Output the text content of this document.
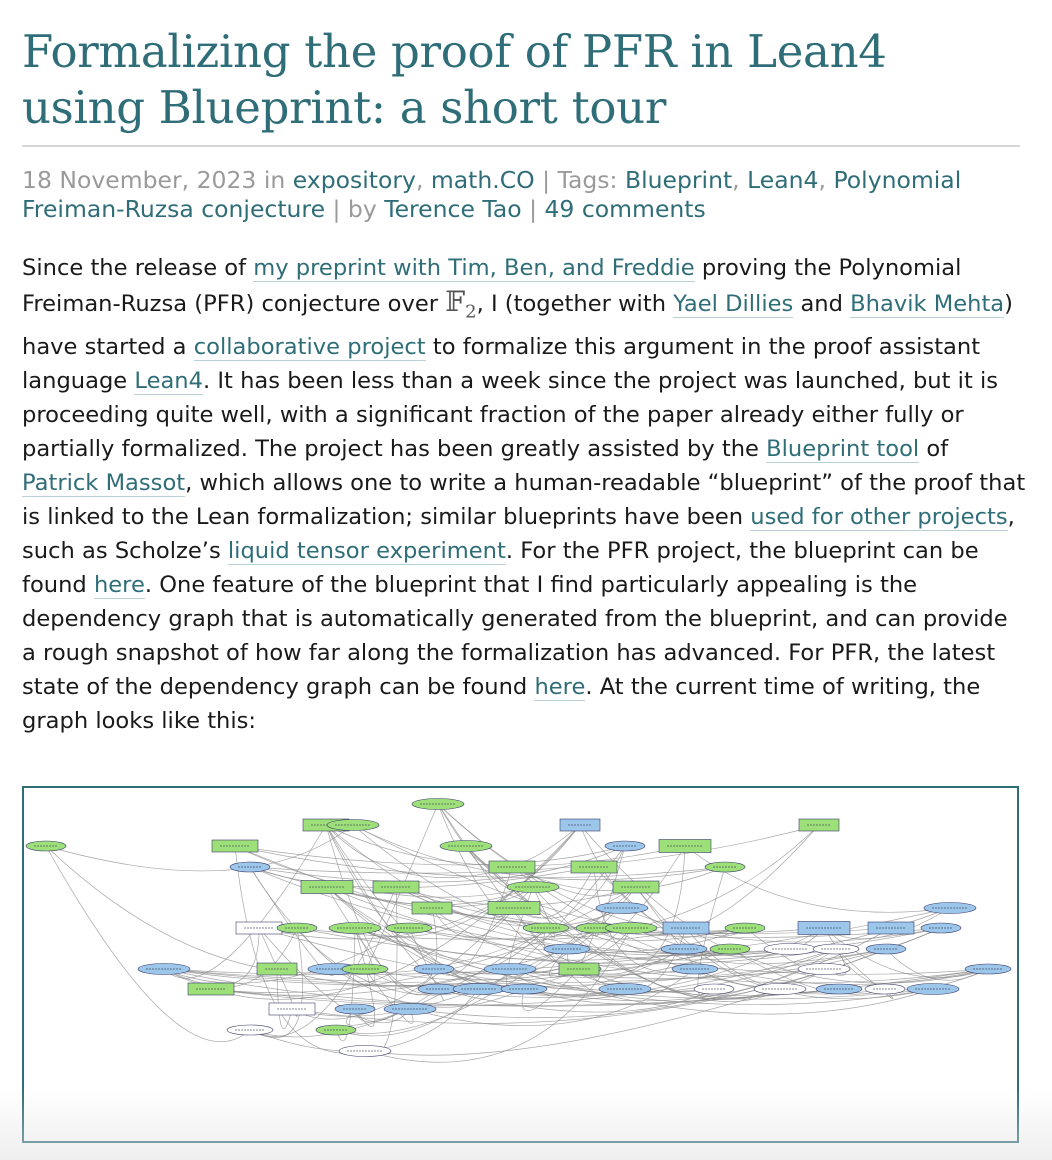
Formalizing the proof of PFR in Lean4 using Blueprint: a short tour

18 November, 2023 in expository, math.CO | Tags: Blueprint, Lean4, Polynomial Freiman-Ruzsa conjecture | by Terence Tao | 49 comments

Since the release of my preprint with Tim, Ben, and Freddie proving the Polynomial Freiman-Ruzsa (PFR) conjecture over 𝔽$_2$, I (together with Yael Dillies and Bhavik Mehta) have started a collaborative project to formalize this argument in the proof assistant language Lean4. It has been less than a week since the project was launched, but it is proceeding quite well, with a significant fraction of the paper already either fully or partially formalized. The project has been greatly assisted by the Blueprint tool of Patrick Massot, which allows one to write a human-readable “blueprint” of the proof that is linked to the Lean formalization; similar blueprints have been used for other projects, such as Scholze’s liquid tensor experiment. For the PFR project, the blueprint can be found here. One feature of the blueprint that I find particularly appealing is the dependency graph that is automatically generated from the blueprint, and can provide a rough snapshot of how far along the formalization has advanced. For PFR, the latest state of the dependency graph can be found here. At the current time of writing, the graph looks like this:
